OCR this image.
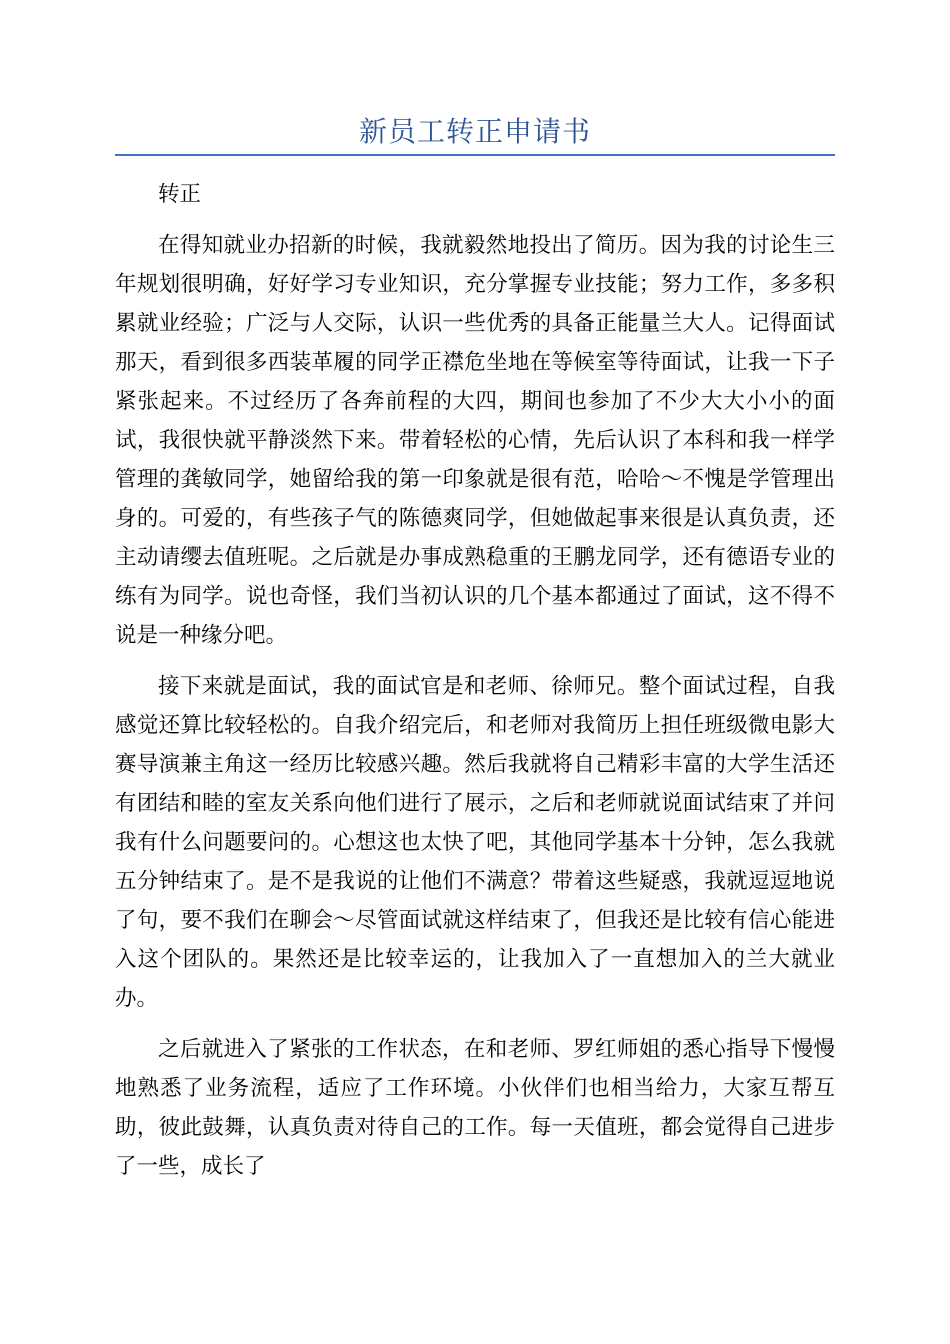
新员工转正申请书

转正

在得知就业办招新的时候，我就毅然地投出了简历。因为我的讨论生三年规划很明确，好好学习专业知识，充分掌握专业技能；努力工作，多多积累就业经验；广泛与人交际，认识一些优秀的具备正能量兰大人。记得面试那天，看到很多西装革履的同学正襟危坐地在等候室等待面试，让我一下子紧张起来。不过经历了各奔前程的大四，期间也参加了不少大大小小的面试，我很快就平静淡然下来。带着轻松的心情，先后认识了本科和我一样学管理的龚敏同学，她留给我的第一印象就是很有范，哈哈～不愧是学管理出身的。可爱的，有些孩子气的陈德爽同学，但她做起事来很是认真负责，还主动请缨去值班呢。之后就是办事成熟稳重的王鹏龙同学，还有德语专业的练有为同学。说也奇怪，我们当初认识的几个基本都通过了面试，这不得不说是一种缘分吧。

接下来就是面试，我的面试官是和老师、徐师兄。整个面试过程，自我感觉还算比较轻松的。自我介绍完后，和老师对我简历上担任班级微电影大赛导演兼主角这一经历比较感兴趣。然后我就将自己精彩丰富的大学生活还有团结和睦的室友关系向他们进行了展示，之后和老师就说面试结束了并问我有什么问题要问的。心想这也太快了吧，其他同学基本十分钟，怎么我就五分钟结束了。是不是我说的让他们不满意？带着这些疑惑，我就逗逗地说了句，要不我们在聊会～尽管面试就这样结束了，但我还是比较有信心能进入这个团队的。果然还是比较幸运的，让我加入了一直想加入的兰大就业办。

之后就进入了紧张的工作状态，在和老师、罗红师姐的悉心指导下慢慢地熟悉了业务流程，适应了工作环境。小伙伴们也相当给力，大家互帮互助，彼此鼓舞，认真负责对待自己的工作。每一天值班，都会觉得自己进步了一些，成长了
